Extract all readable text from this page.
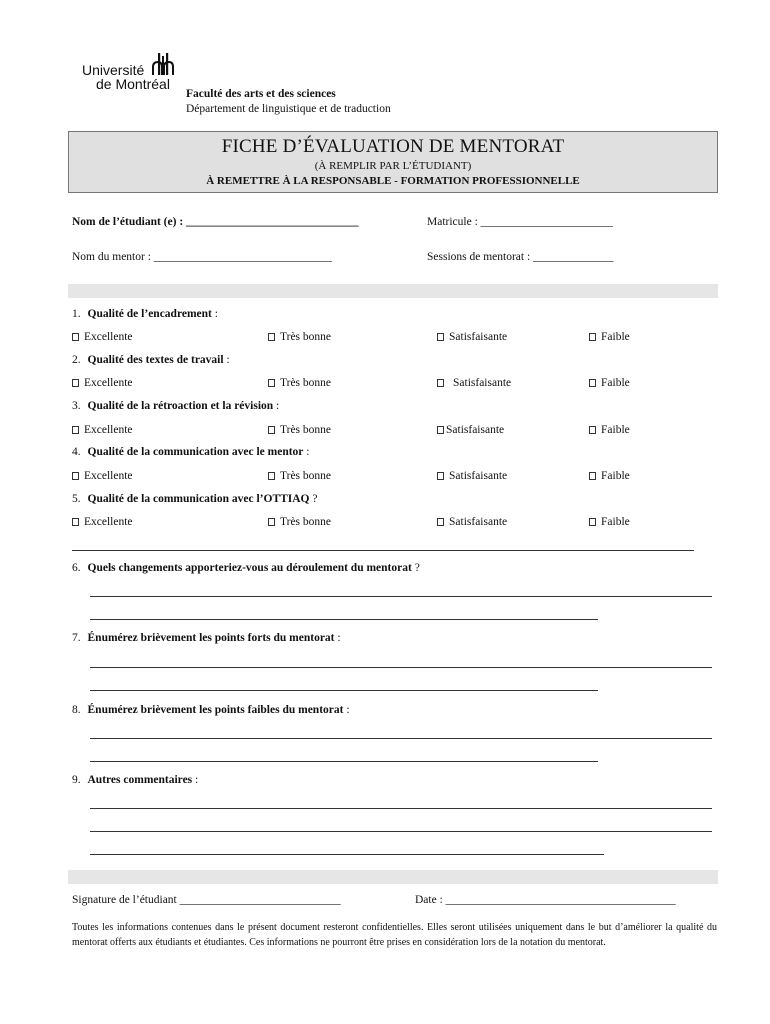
Université
de Montréal
Faculté des arts et des sciences
Département de linguistique et de traduction
FICHE D’ÉVALUATION DE MENTORAT
(À REMPLIR PAR L’ÉTUDIANT)
À REMETTRE À LA RESPONSABLE - FORMATION PROFESSIONNELLE
Nom de l’étudiant (e) : ______________________________	Matricule : _______________________
Nom du mentor : _______________________________	Sessions de mentorat : ______________
1. Qualité de l’encadrement :
Excellente	Très bonne	Satisfaisante	Faible
2. Qualité des textes de travail :
Excellente	Très bonne	Satisfaisante	Faible
3. Qualité de la rétroaction et la révision :
Excellente	Très bonne	Satisfaisante	Faible
4. Qualité de la communication avec le mentor :
Excellente	Très bonne	Satisfaisante	Faible
5. Qualité de la communication avec l’OTTIAQ ?
Excellente	Très bonne	Satisfaisante	Faible
6. Quels changements apporteriez-vous au déroulement du mentorat ?
7. Énumérez brièvement les points forts du mentorat :
8. Énumérez brièvement les points faibles du mentorat :
9. Autres commentaires :
Signature de l’étudiant ____________________________	Date : ________________________________________
Toutes les informations contenues dans le présent document resteront confidentielles. Elles seront utilisées uniquement dans le but d’améliorer la qualité du mentorat offerts aux étudiants et étudiantes. Ces informations ne pourront être prises en considération lors de la notation du mentorat.
